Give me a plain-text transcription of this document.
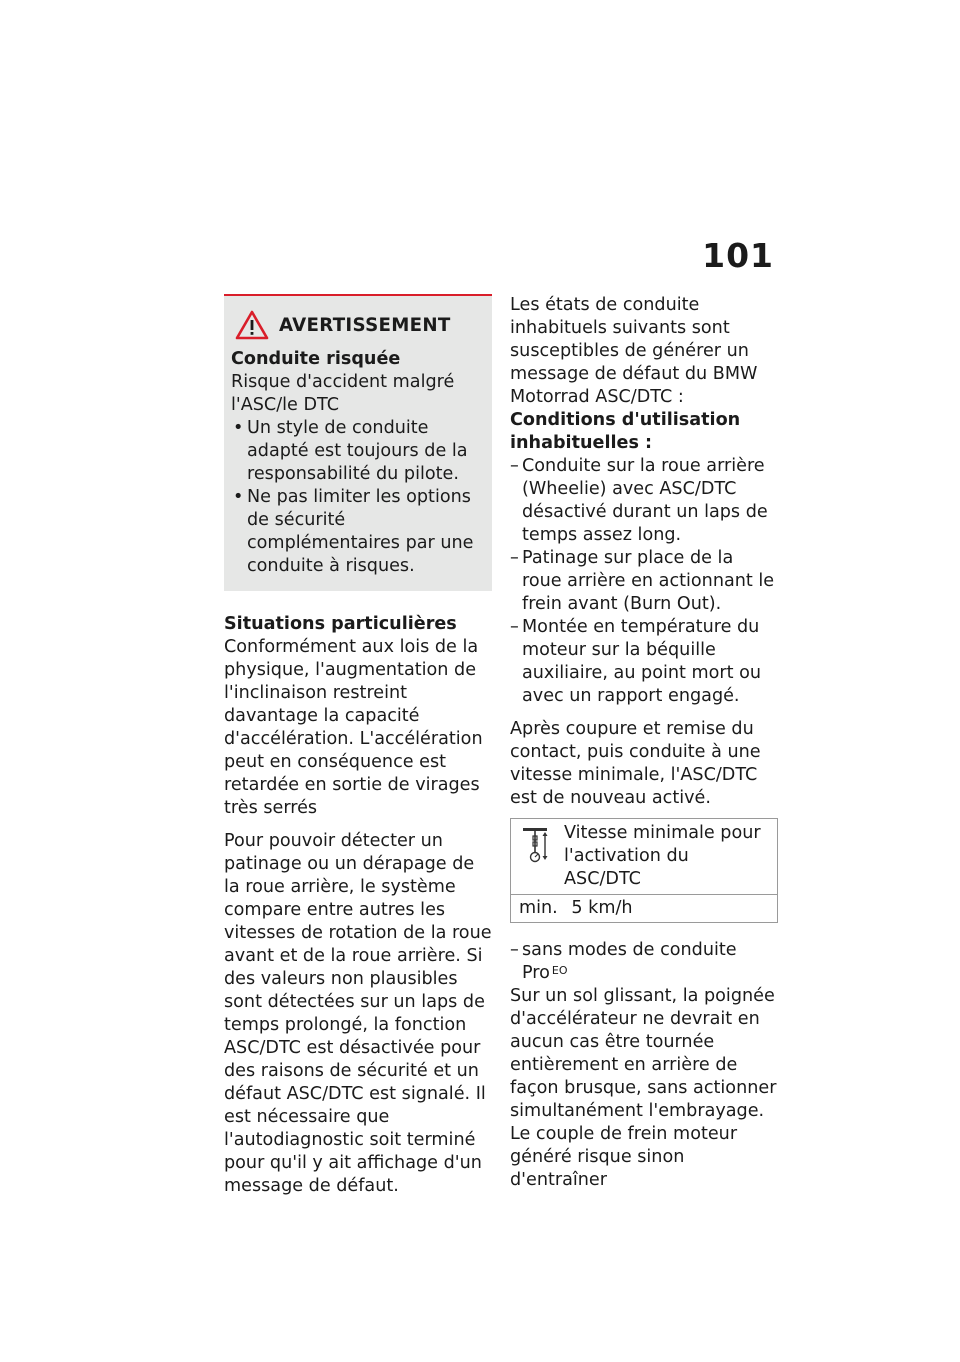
101
AVERTISSEMENT

Conduite risquée

Risque d'accident malgré l'ASC/le DTC

• Un style de conduite adapté est toujours de la responsabilité du pilote.
• Ne pas limiter les options de sécurité complémentaires par une conduite à risques.

Situations particulières

Conformément aux lois de la physique, l'augmentation de l'inclinaison restreint davantage la capacité d'accélération. L'accélération peut en conséquence est retardée en sortie de virages très serrés

Pour pouvoir détecter un patinage ou un dérapage de la roue arrière, le système compare entre autres les vitesses de rotation de la roue avant et de la roue arrière. Si des valeurs non plausibles sont détectées sur un laps de temps prolongé, la fonction ASC/DTC est désactivée pour des raisons de sécurité et un défaut ASC/DTC est signalé. Il est nécessaire que l'autodiagnostic soit terminé pour qu'il y ait affichage d'un message de défaut.

Les états de conduite inhabituels suivants sont susceptibles de générer un message de défaut du BMW Motorrad ASC/DTC :

Conditions d'utilisation inhabituelles :

– Conduite sur la roue arrière (Wheelie) avec ASC/DTC désactivé durant un laps de temps assez long.
– Patinage sur place de la roue arrière en actionnant le frein avant (Burn Out).
– Montée en température du moteur sur la béquille auxiliaire, au point mort ou avec un rapport engagé.

Après coupure et remise du contact, puis conduite à une vitesse minimale, l'ASC/DTC est de nouveau activé.

Vitesse minimale pour l'activation du ASC/DTC

min. 5 km/h
– sans modes de conduite Pro $^{EO}$

Sur un sol glissant, la poignée d'accélérateur ne devrait en aucun cas être tournée entièrement en arrière de façon brusque, sans actionner simultanément l'embrayage. Le couple de frein moteur généré risque sinon d'entraîner
